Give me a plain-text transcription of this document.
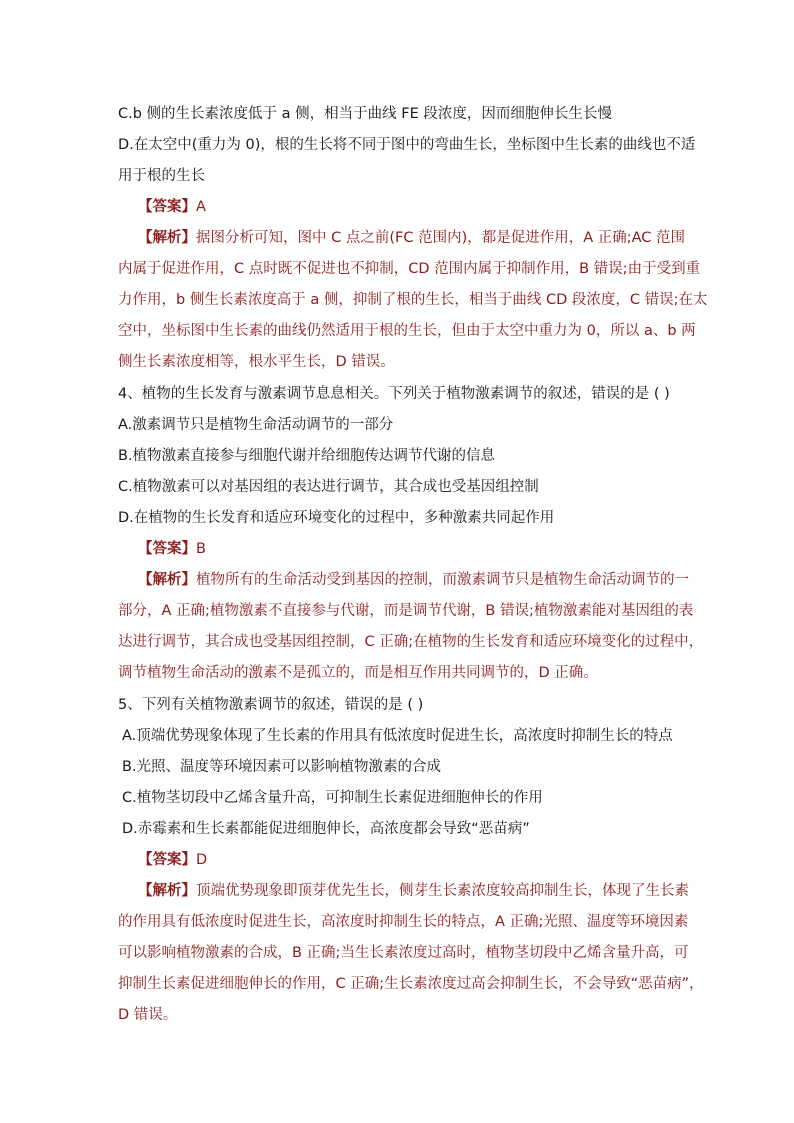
C.b 侧的生长素浓度低于 a 侧，相当于曲线 FE 段浓度，因而细胞伸长生长慢
D.在太空中(重力为 0)，根的生长将不同于图中的弯曲生长，坐标图中生长素的曲线也不适
用于根的生长
【答案】A
【解析】据图分析可知，图中 C 点之前(FC 范围内)，都是促进作用，A 正确;AC 范围
内属于促进作用，C 点时既不促进也不抑制，CD 范围内属于抑制作用，B 错误;由于受到重
力作用，b 侧生长素浓度高于 a 侧，抑制了根的生长，相当于曲线 CD 段浓度，C 错误;在太
空中，坐标图中生长素的曲线仍然适用于根的生长，但由于太空中重力为 0，所以 a、b 两
侧生长素浓度相等，根水平生长，D 错误。
4、植物的生长发育与激素调节息息相关。下列关于植物激素调节的叙述，错误的是 ( )
A.激素调节只是植物生命活动调节的一部分
B.植物激素直接参与细胞代谢并给细胞传达调节代谢的信息
C.植物激素可以对基因组的表达进行调节，其合成也受基因组控制
D.在植物的生长发育和适应环境变化的过程中，多种激素共同起作用
【答案】B
【解析】植物所有的生命活动受到基因的控制，而激素调节只是植物生命活动调节的一
部分，A 正确;植物激素不直接参与代谢，而是调节代谢，B 错误;植物激素能对基因组的表
达进行调节，其合成也受基因组控制，C 正确;在植物的生长发育和适应环境变化的过程中，
调节植物生命活动的激素不是孤立的，而是相互作用共同调节的，D 正确。
5、下列有关植物激素调节的叙述，错误的是 ( )
A.顶端优势现象体现了生长素的作用具有低浓度时促进生长，高浓度时抑制生长的特点
B.光照、温度等环境因素可以影响植物激素的合成
C.植物茎切段中乙烯含量升高，可抑制生长素促进细胞伸长的作用
D.赤霉素和生长素都能促进细胞伸长，高浓度都会导致“恶苗病”
【答案】D
【解析】顶端优势现象即顶芽优先生长，侧芽生长素浓度较高抑制生长，体现了生长素
的作用具有低浓度时促进生长，高浓度时抑制生长的特点，A 正确;光照、温度等环境因素
可以影响植物激素的合成，B 正确;当生长素浓度过高时，植物茎切段中乙烯含量升高，可
抑制生长素促进细胞伸长的作用，C 正确;生长素浓度过高会抑制生长，不会导致“恶苗病”，
D 错误。
